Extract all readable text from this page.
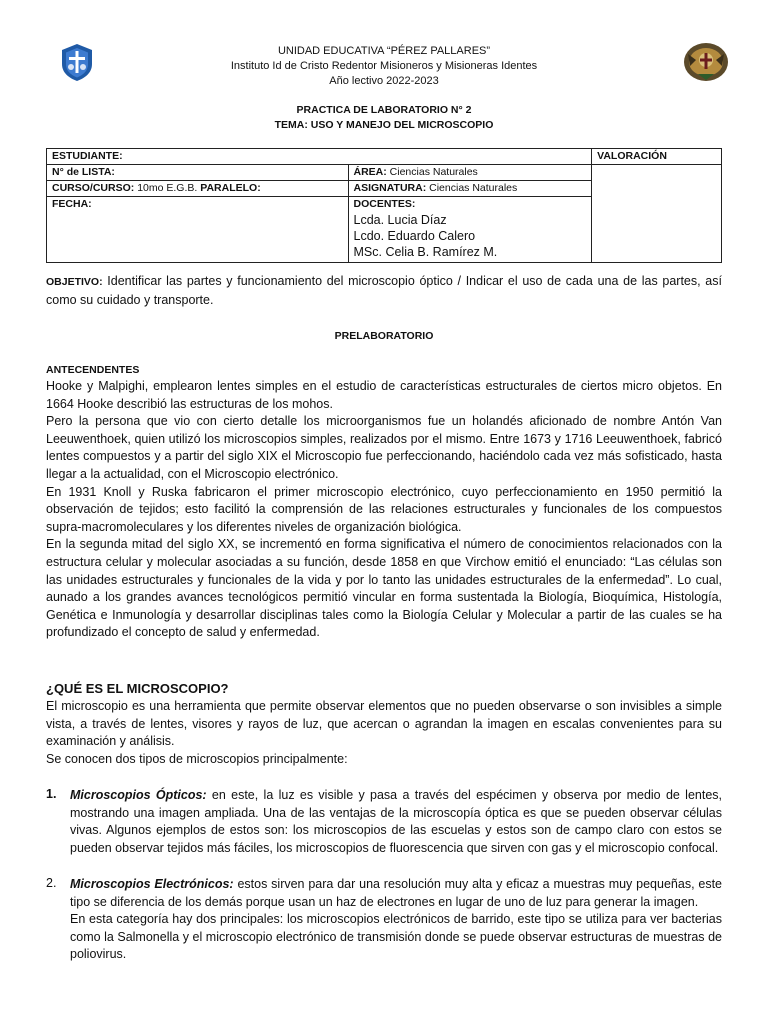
UNIDAD EDUCATIVA “PÉREZ PALLARES”
Instituto Id de Cristo Redentor Misioneros y Misioneras Identes
Año lectivo 2022-2023
PRACTICA DE LABORATORIO N° 2
TEMA: USO Y MANEJO DEL MICROSCOPIO
ESTUDIANTE:		VALORACIÓN
N° de LISTA:	ÁREA: Ciencias Naturales	
CURSO/CURSO: 10mo E.G.B. PARALELO:	ASIGNATURA: Ciencias Naturales	
FECHA:	DOCENTES:
Lcda. Lucia Díaz
Lcdo. Eduardo Calero
MSc. Celia B. Ramírez M.	
OBJETIVO: Identificar las partes y funcionamiento del microscopio óptico / Indicar el uso de cada una de las partes, así como su cuidado y transporte.
PRELABORATORIO
ANTECENDENTES
Hooke y Malpighi, emplearon lentes simples en el estudio de características estructurales de ciertos micro objetos. En 1664 Hooke describió las estructuras de los mohos.
Pero la persona que vio con cierto detalle los microorganismos fue un holandés aficionado de nombre Antón Van Leeuwenthoek, quien utilizó los microscopios simples, realizados por el mismo. Entre 1673 y 1716 Leeuwenthoek, fabricó lentes compuestos y a partir del siglo XIX el Microscopio fue perfeccionando, haciéndolo cada vez más sofisticado, hasta llegar a la actualidad, con el Microscopio electrónico.
En 1931 Knoll y Ruska fabricaron el primer microscopio electrónico, cuyo perfeccionamiento en 1950 permitió la observación de tejidos; esto facilitó la comprensión de las relaciones estructurales y funcionales de los compuestos supra-macromoleculares y los diferentes niveles de organización biológica.
En la segunda mitad del siglo XX, se incrementó en forma significativa el número de conocimientos relacionados con la estructura celular y molecular asociadas a su función, desde 1858 en que Virchow emitió el enunciado: “Las células son las unidades estructurales y funcionales de la vida y por lo tanto las unidades estructurales de la enfermedad”. Lo cual, aunado a los grandes avances tecnológicos permitió vincular en forma sustentada la Biología, Bioquímica, Histología, Genética e Inmunología y desarrollar disciplinas tales como la Biología Celular y Molecular a partir de las cuales se ha profundizado el concepto de salud y enfermedad.
¿QUÉ ES EL MICROSCOPIO?
El microscopio es una herramienta que permite observar elementos que no pueden observarse o son invisibles a simple vista, a través de lentes, visores y rayos de luz, que acercan o agrandan la imagen en escalas convenientes para su examinación y análisis.
Se conocen dos tipos de microscopios principalmente:
1. Microscopios Ópticos: en este, la luz es visible y pasa a través del espécimen y observa por medio de lentes, mostrando una imagen ampliada. Una de las ventajas de la microscopía óptica es que se pueden observar células vivas. Algunos ejemplos de estos son: los microscopios de las escuelas y estos son de campo claro con estos se pueden observar tejidos más fáciles, los microscopios de fluorescencia que sirven con gas y el microscopio confocal.
2. Microscopios Electrónicos: estos sirven para dar una resolución muy alta y eficaz a muestras muy pequeñas, este tipo se diferencia de los demás porque usan un haz de electrones en lugar de uno de luz para generar la imagen.
En esta categoría hay dos principales: los microscopios electrónicos de barrido, este tipo se utiliza para ver bacterias como la Salmonella y el microscopio electrónico de transmisión donde se puede observar estructuras de muestras de poliovirus.
